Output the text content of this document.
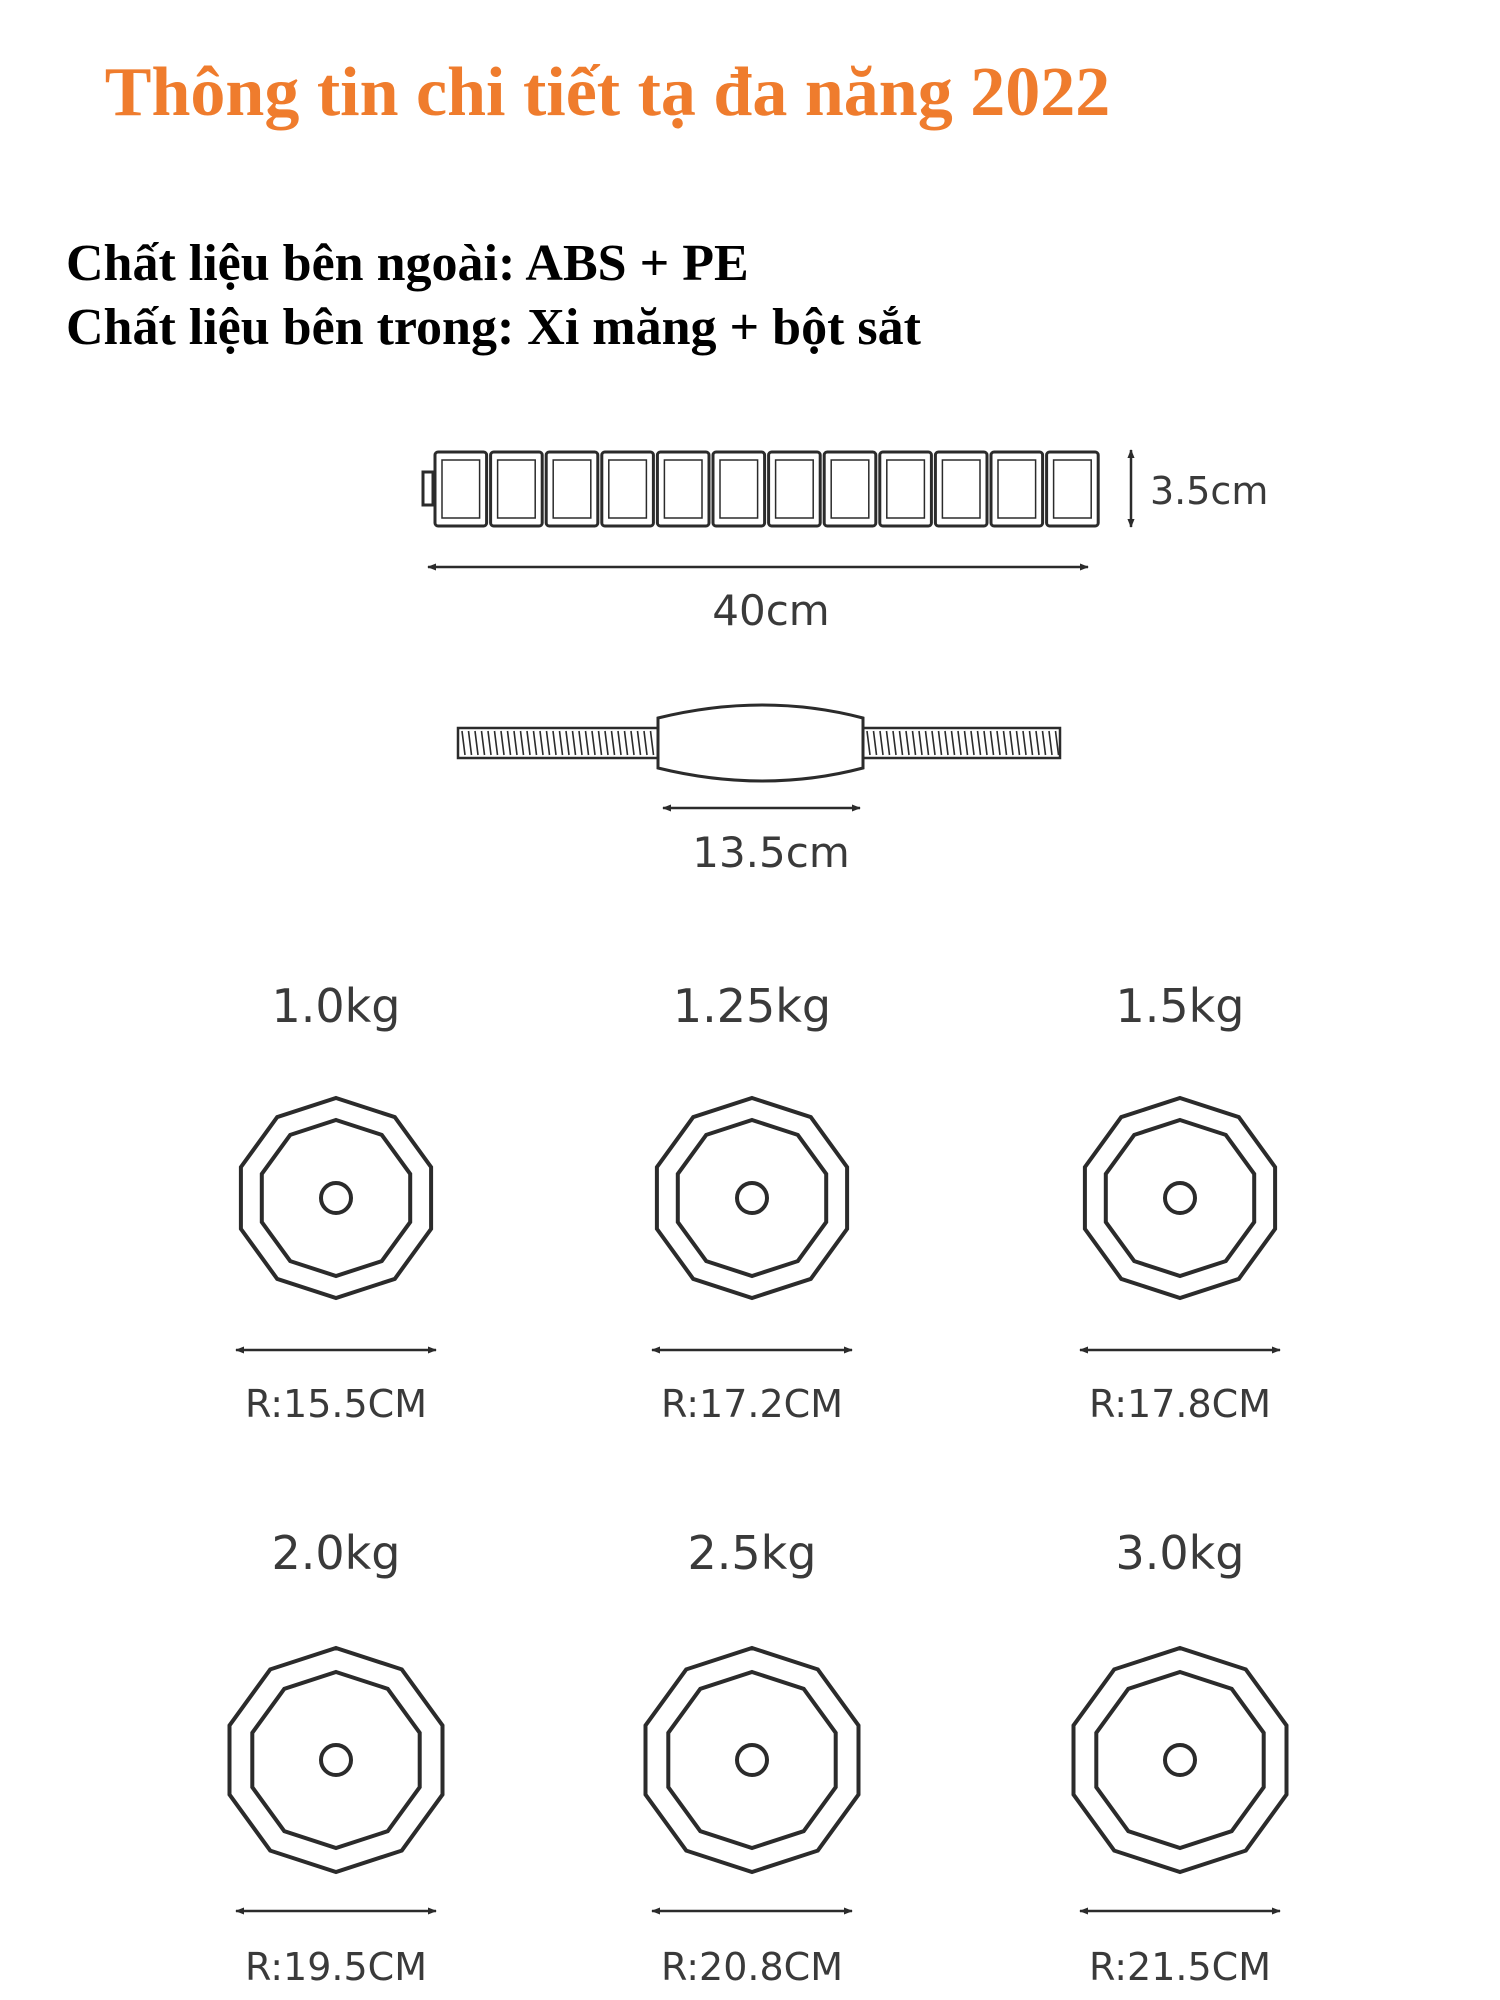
Thông tin chi tiết tạ đa năng 2022
Chất liệu bên ngoài: ABS + PE
Chất liệu bên trong: Xi măng + bột sắt
3.5cm
40cm
13.5cm
1.0kg
R:15.5CM
1.25kg
R:17.2CM
1.5kg
R:17.8CM
2.0kg
R:19.5CM
2.5kg
R:20.8CM
3.0kg
R:21.5CM
